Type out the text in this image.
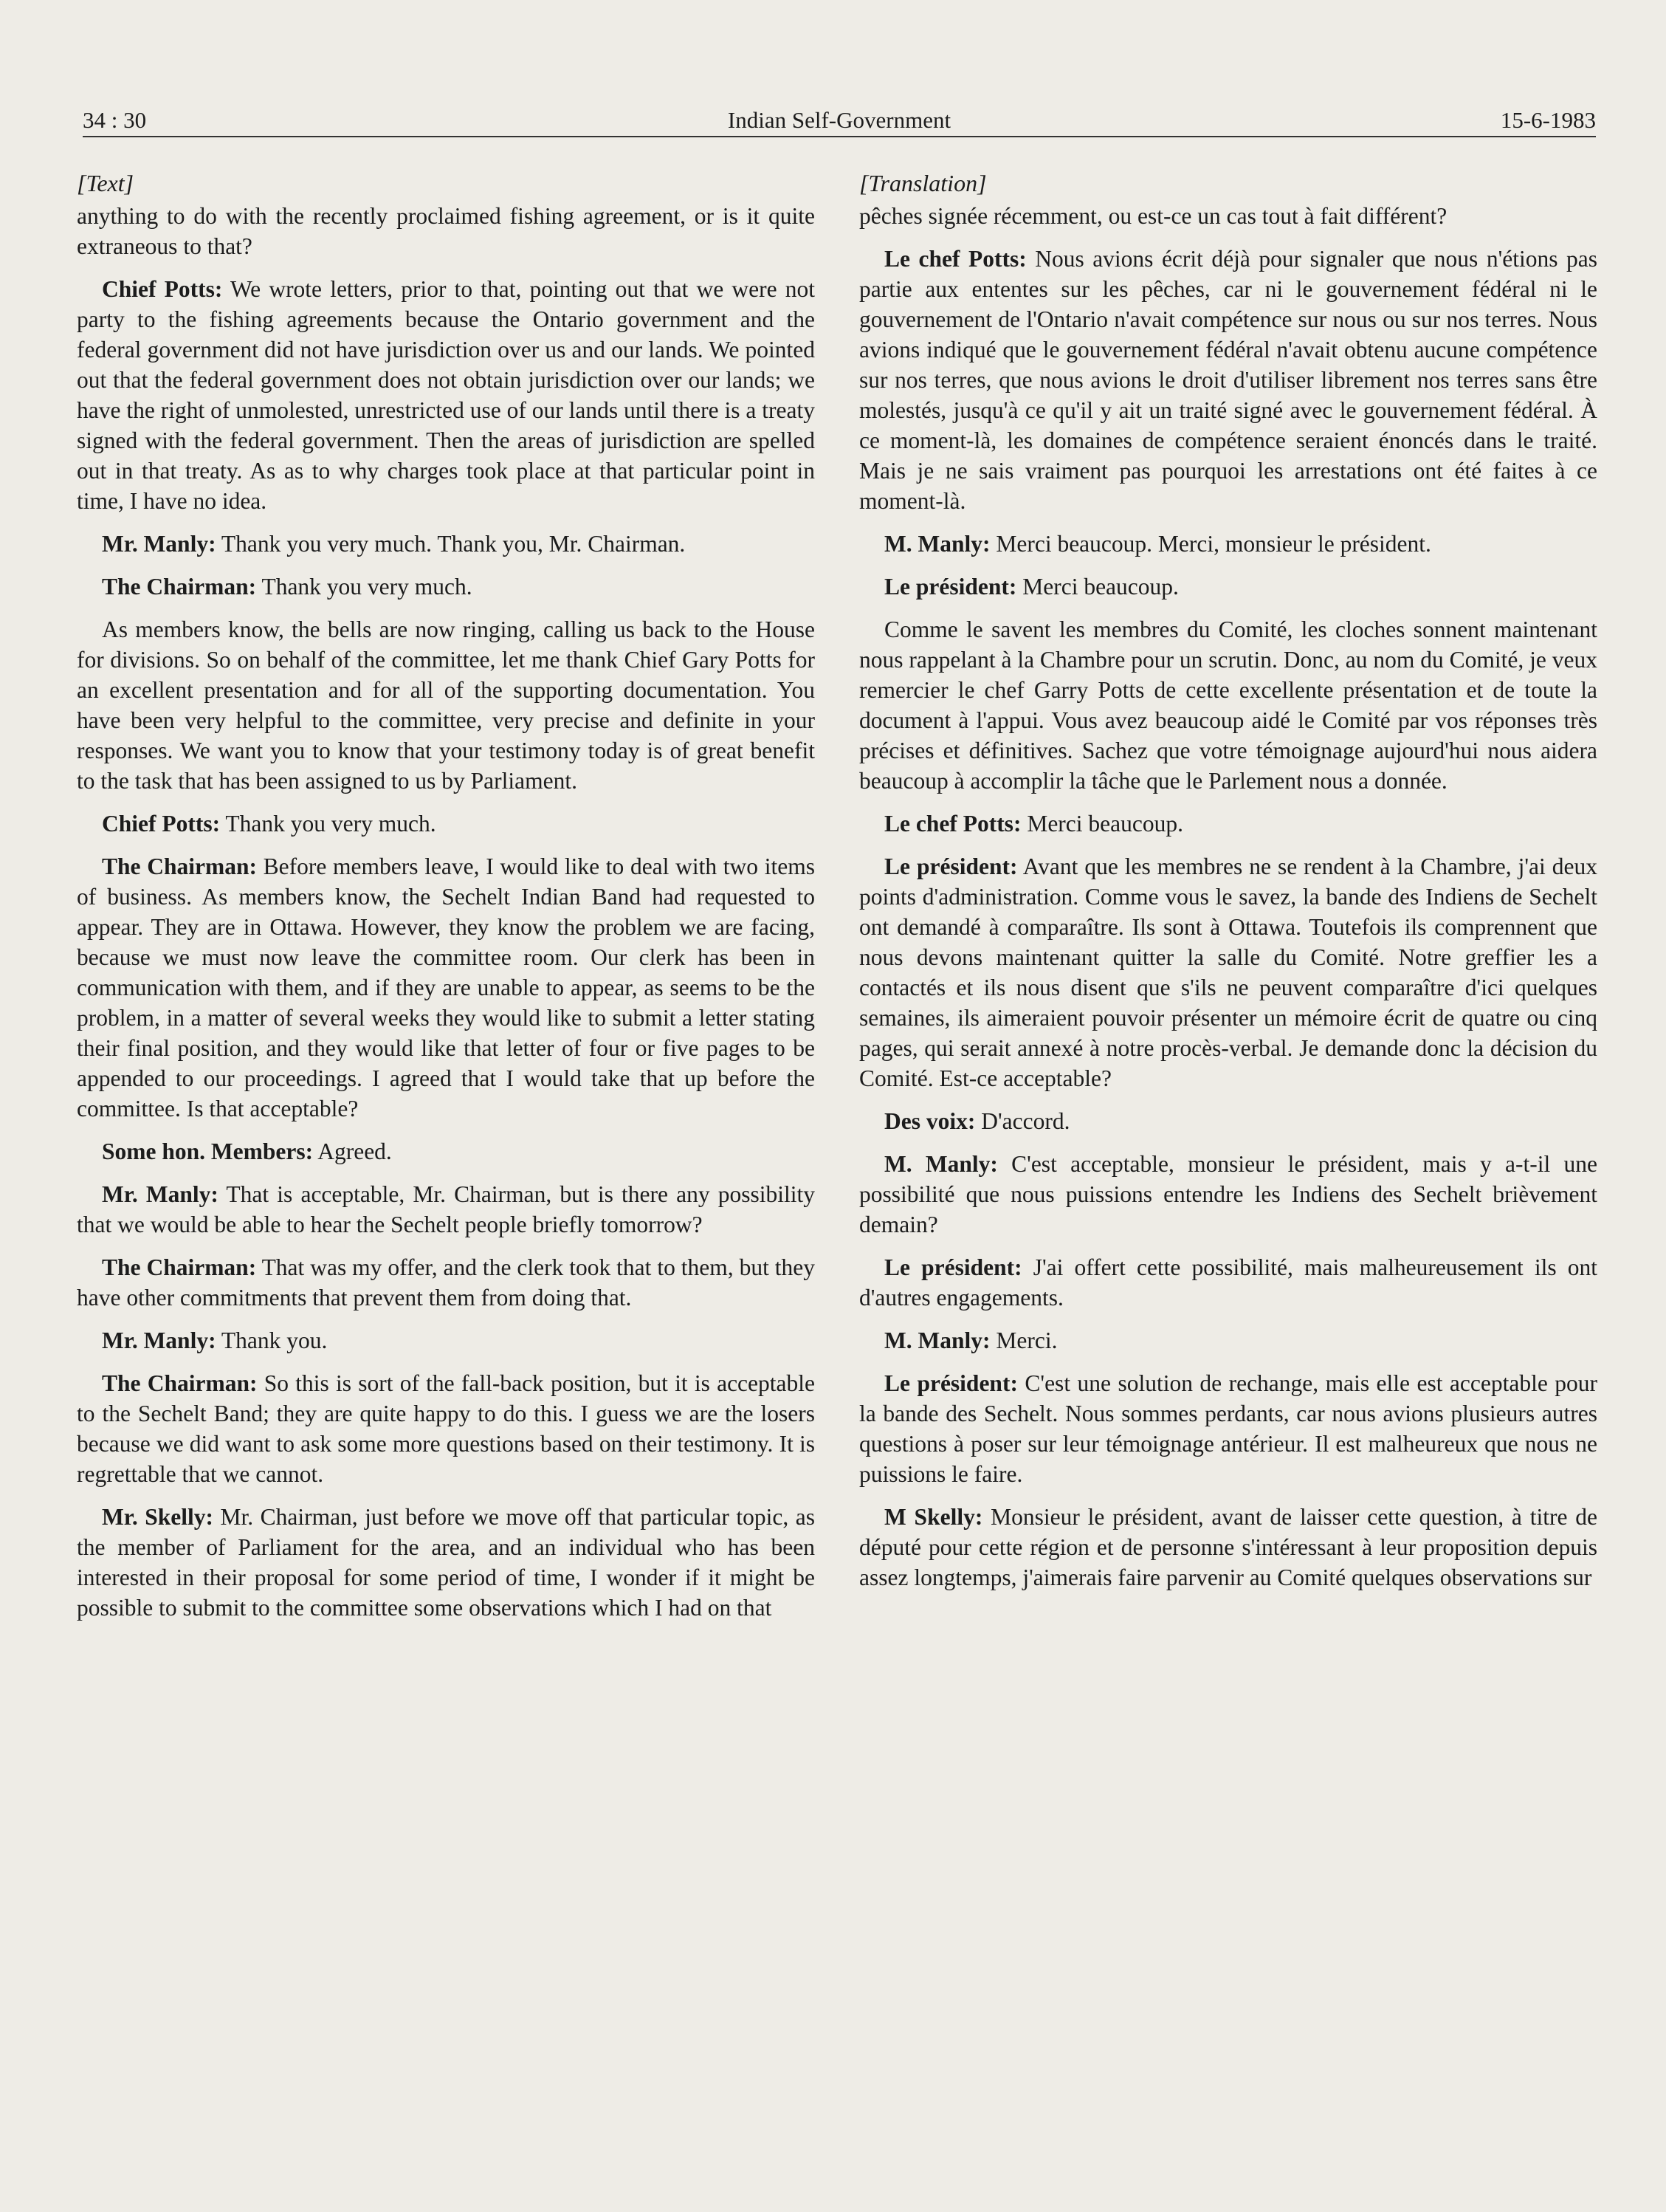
34 : 30	Indian Self-Government	15-6-1983
[Text]

anything to do with the recently proclaimed fishing agreement, or is it quite extraneous to that?

Chief Potts: We wrote letters, prior to that, pointing out that we were not party to the fishing agreements because the Ontario government and the federal government did not have jurisdiction over us and our lands. We pointed out that the federal government does not obtain jurisdiction over our lands; we have the right of unmolested, unrestricted use of our lands until there is a treaty signed with the federal government. Then the areas of jurisdiction are spelled out in that treaty. As as to why charges took place at that particular point in time, I have no idea.

Mr. Manly: Thank you very much. Thank you, Mr. Chairman.

The Chairman: Thank you very much.

As members know, the bells are now ringing, calling us back to the House for divisions. So on behalf of the committee, let me thank Chief Gary Potts for an excellent presentation and for all of the supporting documentation. You have been very helpful to the committee, very precise and definite in your responses. We want you to know that your testimony today is of great benefit to the task that has been assigned to us by Parliament.

Chief Potts: Thank you very much.

The Chairman: Before members leave, I would like to deal with two items of business. As members know, the Sechelt Indian Band had requested to appear. They are in Ottawa. However, they know the problem we are facing, because we must now leave the committee room. Our clerk has been in communication with them, and if they are unable to appear, as seems to be the problem, in a matter of several weeks they would like to submit a letter stating their final position, and they would like that letter of four or five pages to be appended to our proceedings. I agreed that I would take that up before the committee. Is that acceptable?

Some hon. Members: Agreed.

Mr. Manly: That is acceptable, Mr. Chairman, but is there any possibility that we would be able to hear the Sechelt people briefly tomorrow?

The Chairman: That was my offer, and the clerk took that to them, but they have other commitments that prevent them from doing that.

Mr. Manly: Thank you.

The Chairman: So this is sort of the fall-back position, but it is acceptable to the Sechelt Band; they are quite happy to do this. I guess we are the losers because we did want to ask some more questions based on their testimony. It is regrettable that we cannot.

Mr. Skelly: Mr. Chairman, just before we move off that particular topic, as the member of Parliament for the area, and an individual who has been interested in their proposal for some period of time, I wonder if it might be possible to submit to the committee some observations which I had on that

[Translation]

pêches signée récemment, ou est-ce un cas tout à fait différent?

Le chef Potts: Nous avions écrit déjà pour signaler que nous n'étions pas partie aux ententes sur les pêches, car ni le gouvernement fédéral ni le gouvernement de l'Ontario n'avait compétence sur nous ou sur nos terres. Nous avions indiqué que le gouvernement fédéral n'avait obtenu aucune compétence sur nos terres, que nous avions le droit d'utiliser librement nos terres sans être molestés, jusqu'à ce qu'il y ait un traité signé avec le gouvernement fédéral. À ce moment-là, les domaines de compétence seraient énoncés dans le traité. Mais je ne sais vraiment pas pourquoi les arrestations ont été faites à ce moment-là.

M. Manly: Merci beaucoup. Merci, monsieur le président.

Le président: Merci beaucoup.

Comme le savent les membres du Comité, les cloches sonnent maintenant nous rappelant à la Chambre pour un scrutin. Donc, au nom du Comité, je veux remercier le chef Garry Potts de cette excellente présentation et de toute la document à l'appui. Vous avez beaucoup aidé le Comité par vos réponses très précises et définitives. Sachez que votre témoignage aujourd'hui nous aidera beaucoup à accomplir la tâche que le Parlement nous a donnée.

Le chef Potts: Merci beaucoup.

Le président: Avant que les membres ne se rendent à la Chambre, j'ai deux points d'administration. Comme vous le savez, la bande des Indiens de Sechelt ont demandé à comparaître. Ils sont à Ottawa. Toutefois ils comprennent que nous devons maintenant quitter la salle du Comité. Notre greffier les a contactés et ils nous disent que s'ils ne peuvent comparaître d'ici quelques semaines, ils aimeraient pouvoir présenter un mémoire écrit de quatre ou cinq pages, qui serait annexé à notre procès-verbal. Je demande donc la décision du Comité. Est-ce acceptable?

Des voix: D'accord.

M. Manly: C'est acceptable, monsieur le président, mais y a-t-il une possibilité que nous puissions entendre les Indiens des Sechelt brièvement demain?

Le président: J'ai offert cette possibilité, mais malheureusement ils ont d'autres engagements.

M. Manly: Merci.

Le président: C'est une solution de rechange, mais elle est acceptable pour la bande des Sechelt. Nous sommes perdants, car nous avions plusieurs autres questions à poser sur leur témoignage antérieur. Il est malheureux que nous ne puissions le faire.

M Skelly: Monsieur le président, avant de laisser cette question, à titre de député pour cette région et de personne s'intéressant à leur proposition depuis assez longtemps, j'aimerais faire parvenir au Comité quelques observations sur
